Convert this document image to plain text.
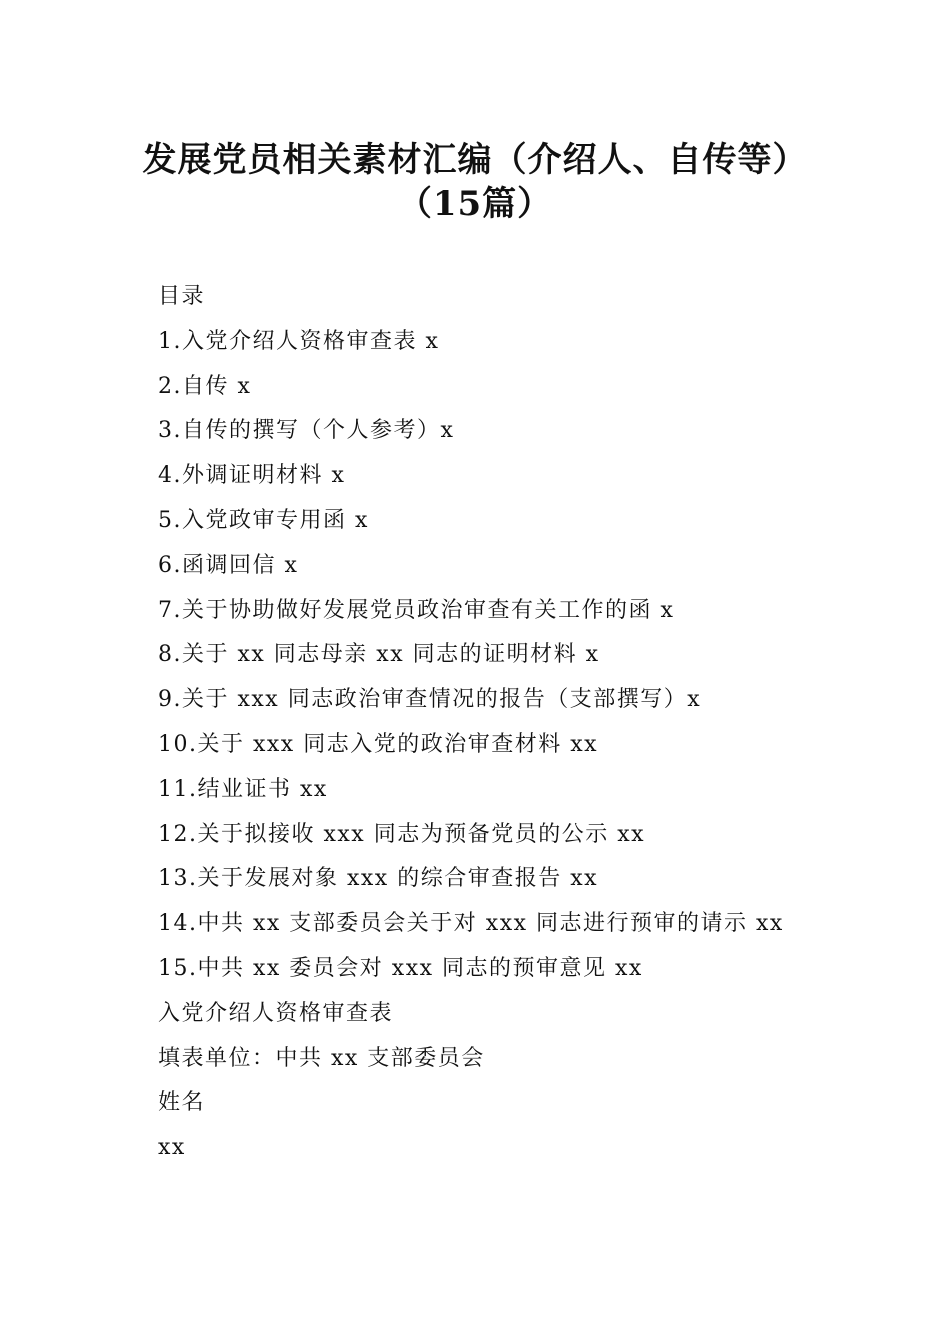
发展党员相关素材汇编（介绍人、自传等）
（15篇）
目录
1.入党介绍人资格审查表 x
2.自传 x
3.自传的撰写（个人参考）x
4.外调证明材料 x
5.入党政审专用函 x
6.函调回信 x
7.关于协助做好发展党员政治审查有关工作的函 x
8.关于 xx 同志母亲 xx 同志的证明材料 x
9.关于 xxx 同志政治审查情况的报告（支部撰写）x
10.关于 xxx 同志入党的政治审查材料 xx
11.结业证书 xx
12.关于拟接收 xxx 同志为预备党员的公示 xx
13.关于发展对象 xxx 的综合审查报告 xx
14.中共 xx 支部委员会关于对 xxx 同志进行预审的请示 xx
15.中共 xx 委员会对 xxx 同志的预审意见 xx
入党介绍人资格审查表
填表单位：中共 xx 支部委员会
姓名
xx
